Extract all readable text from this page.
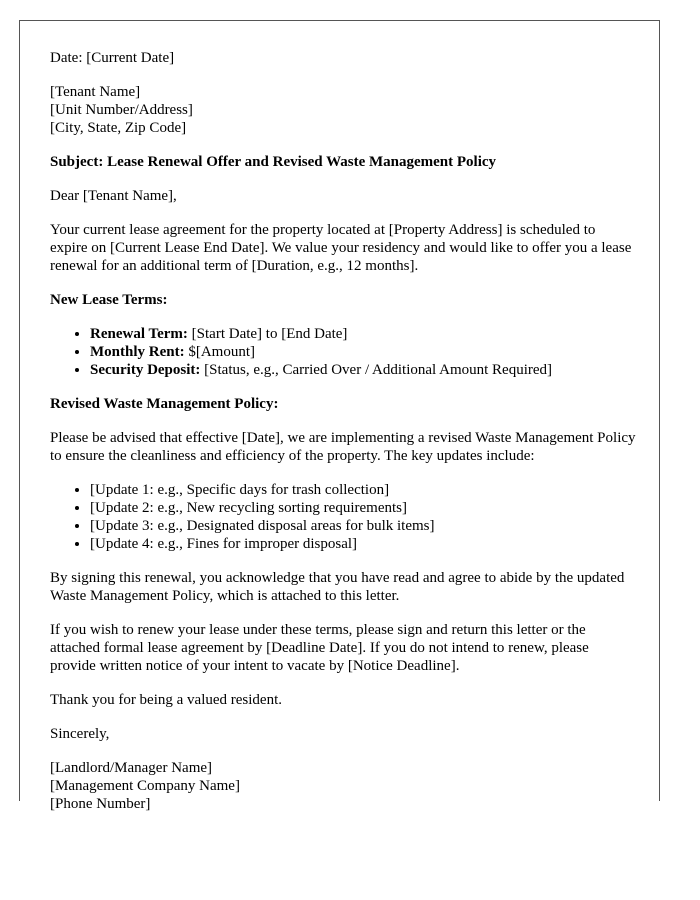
Date: [Current Date]

[Tenant Name]
[Unit Number/Address]
[City, State, Zip Code]

Subject: Lease Renewal Offer and Revised Waste Management Policy

Dear [Tenant Name],

Your current lease agreement for the property located at [Property Address] is scheduled to expire on [Current Lease End Date]. We value your residency and would like to offer you a lease renewal for an additional term of [Duration, e.g., 12 months].

New Lease Terms:

• Renewal Term: [Start Date] to [End Date]
• Monthly Rent: $[Amount]
• Security Deposit: [Status, e.g., Carried Over / Additional Amount Required]

Revised Waste Management Policy:

Please be advised that effective [Date], we are implementing a revised Waste Management Policy to ensure the cleanliness and efficiency of the property. The key updates include:

• [Update 1: e.g., Specific days for trash collection]
• [Update 2: e.g., New recycling sorting requirements]
• [Update 3: e.g., Designated disposal areas for bulk items]
• [Update 4: e.g., Fines for improper disposal]

By signing this renewal, you acknowledge that you have read and agree to abide by the updated Waste Management Policy, which is attached to this letter.

If you wish to renew your lease under these terms, please sign and return this letter or the attached formal lease agreement by [Deadline Date]. If you do not intend to renew, please provide written notice of your intent to vacate by [Notice Deadline].

Thank you for being a valued resident.

Sincerely,

[Landlord/Manager Name]
[Management Company Name]
[Phone Number]
